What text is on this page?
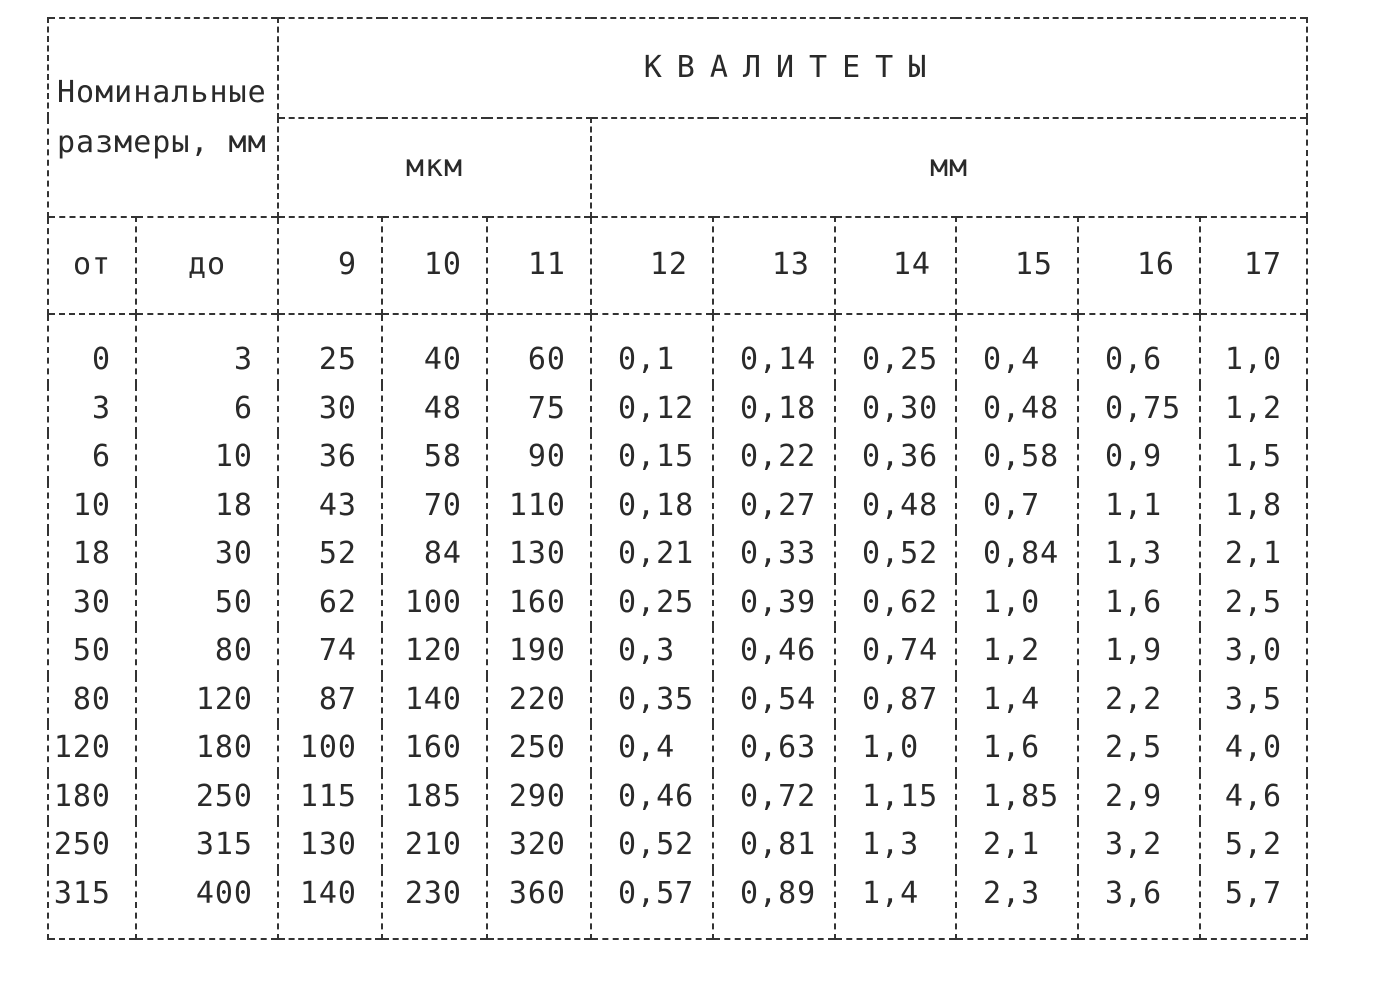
Номинальные
размеры, мм		КВАЛИТЕТЫ								
		мкм			мм					
от	до	9	10	11	12	13	14	15	16	17
0	3	25	40	60	0,1	0,14	0,25	0,4	0,6	1,0
3	6	30	48	75	0,12	0,18	0,30	0,48	0,75	1,2
6	10	36	58	90	0,15	0,22	0,36	0,58	0,9	1,5
10	18	43	70	110	0,18	0,27	0,48	0,7	1,1	1,8
18	30	52	84	130	0,21	0,33	0,52	0,84	1,3	2,1
30	50	62	100	160	0,25	0,39	0,62	1,0	1,6	2,5
50	80	74	120	190	0,3	0,46	0,74	1,2	1,9	3,0
80	120	87	140	220	0,35	0,54	0,87	1,4	2,2	3,5
120	180	100	160	250	0,4	0,63	1,0	1,6	2,5	4,0
180	250	115	185	290	0,46	0,72	1,15	1,85	2,9	4,6
250	315	130	210	320	0,52	0,81	1,3	2,1	3,2	5,2
315	400	140	230	360	0,57	0,89	1,4	2,3	3,6	5,7
